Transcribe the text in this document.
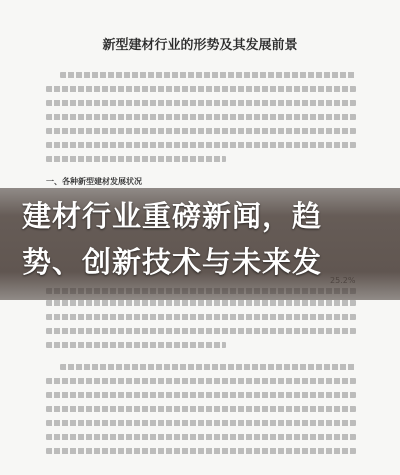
新型建材行业的形势及其发展前景
一、各种新型建材发展状况
建材行业重磅新闻，趋
势、创新技术与未来发
